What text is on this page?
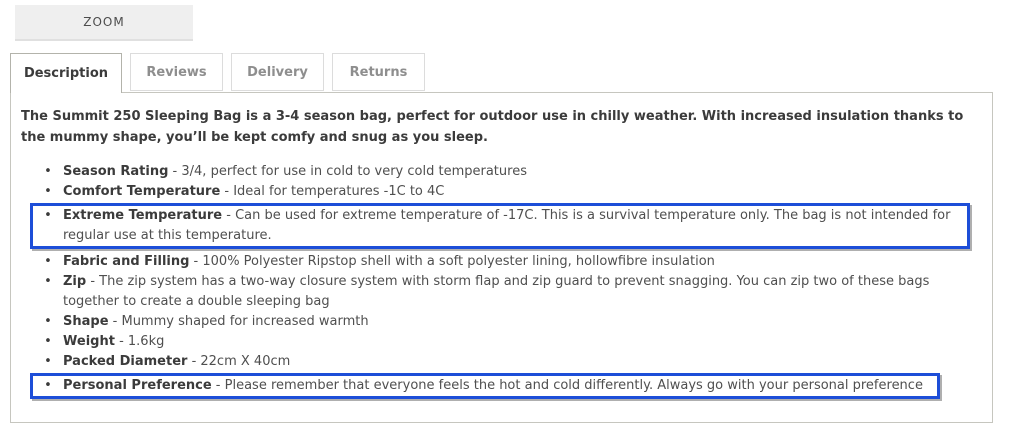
ZOOM
Description	Reviews	Delivery	Returns

The Summit 250 Sleeping Bag is a 3-4 season bag, perfect for outdoor use in chilly weather. With increased insulation thanks to the mummy shape, you’ll be kept comfy and snug as you sleep.

• Season Rating - 3/4, perfect for use in cold to very cold temperatures
• Comfort Temperature - Ideal for temperatures -1C to 4C
• Extreme Temperature - Can be used for extreme temperature of -17C. This is a survival temperature only. The bag is not intended for regular use at this temperature.
• Fabric and Filling - 100% Polyester Ripstop shell with a soft polyester lining, hollowfibre insulation
• Zip - The zip system has a two-way closure system with storm flap and zip guard to prevent snagging. You can zip two of these bags together to create a double sleeping bag
• Shape - Mummy shaped for increased warmth
• Weight - 1.6kg
• Packed Diameter - 22cm X 40cm
• Personal Preference - Please remember that everyone feels the hot and cold differently. Always go with your personal preference
